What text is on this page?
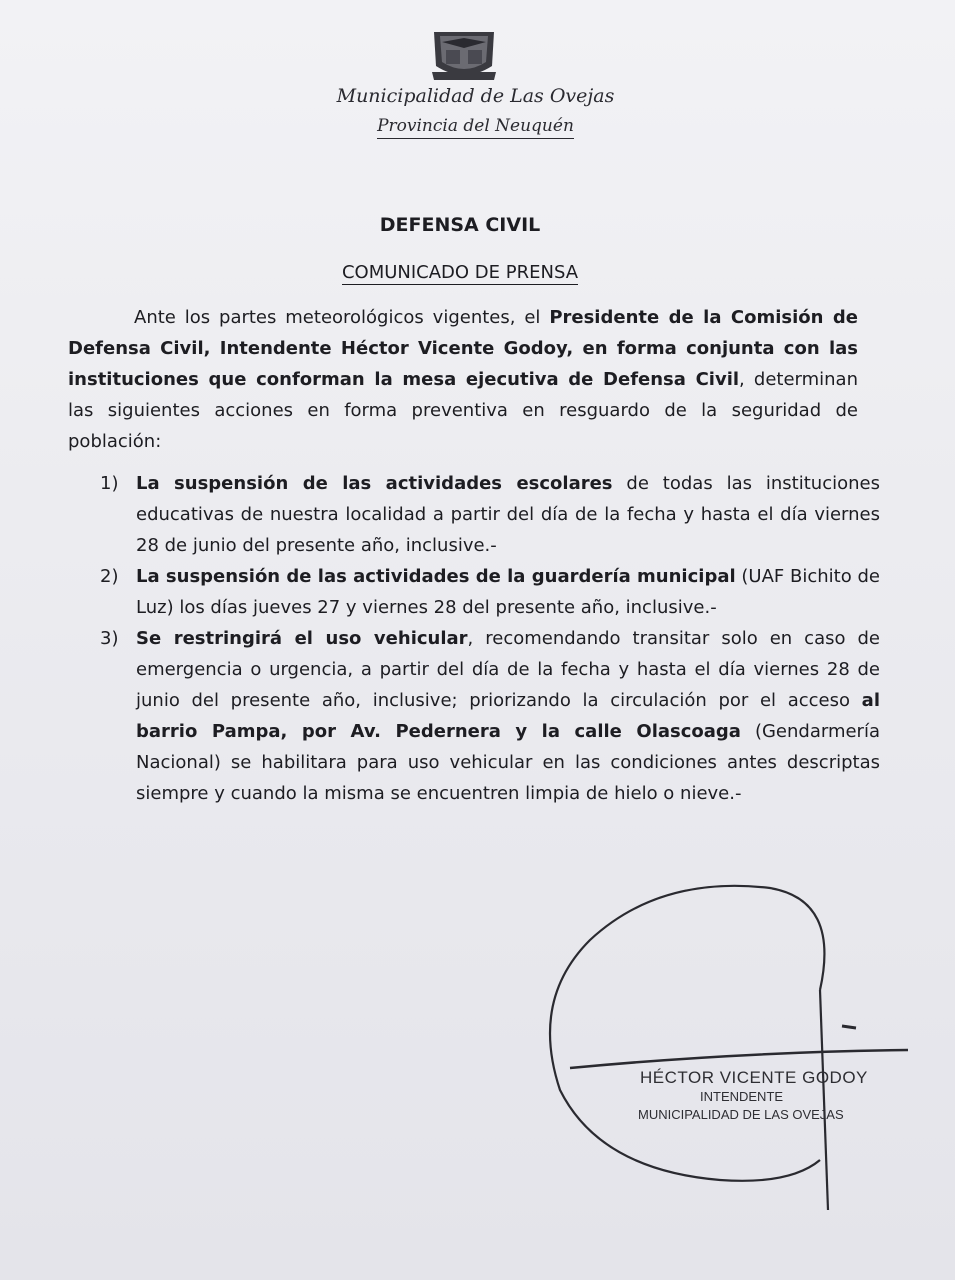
Municipalidad de Las Ovejas
Provincia del Neuquén
DEFENSA CIVIL
COMUNICADO DE PRENSA

Ante los partes meteorológicos vigentes, el Presidente de la Comisión de Defensa Civil, Intendente Héctor Vicente Godoy, en forma conjunta con las instituciones que conforman la mesa ejecutiva de Defensa Civil, determinan las siguientes acciones en forma preventiva en resguardo de la seguridad de población:

1) La suspensión de las actividades escolares de todas las instituciones educativas de nuestra localidad a partir del día de la fecha y hasta el día viernes 28 de junio del presente año, inclusive.-

2) La suspensión de las actividades de la guardería municipal (UAF Bichito de Luz) los días jueves 27 y viernes 28 del presente año, inclusive.-

3) Se restringirá el uso vehicular, recomendando transitar solo en caso de emergencia o urgencia, a partir del día de la fecha y hasta el día viernes 28 de junio del presente año, inclusive; priorizando la circulación por el acceso al barrio Pampa, por Av. Pedernera y la calle Olascoaga (Gendarmería Nacional) se habilitara para uso vehicular en las condiciones antes descriptas siempre y cuando la misma se encuentren limpia de hielo o nieve.-

HÉCTOR VICENTE GODOY
INTENDENTE
MUNICIPALIDAD DE LAS OVEJAS
